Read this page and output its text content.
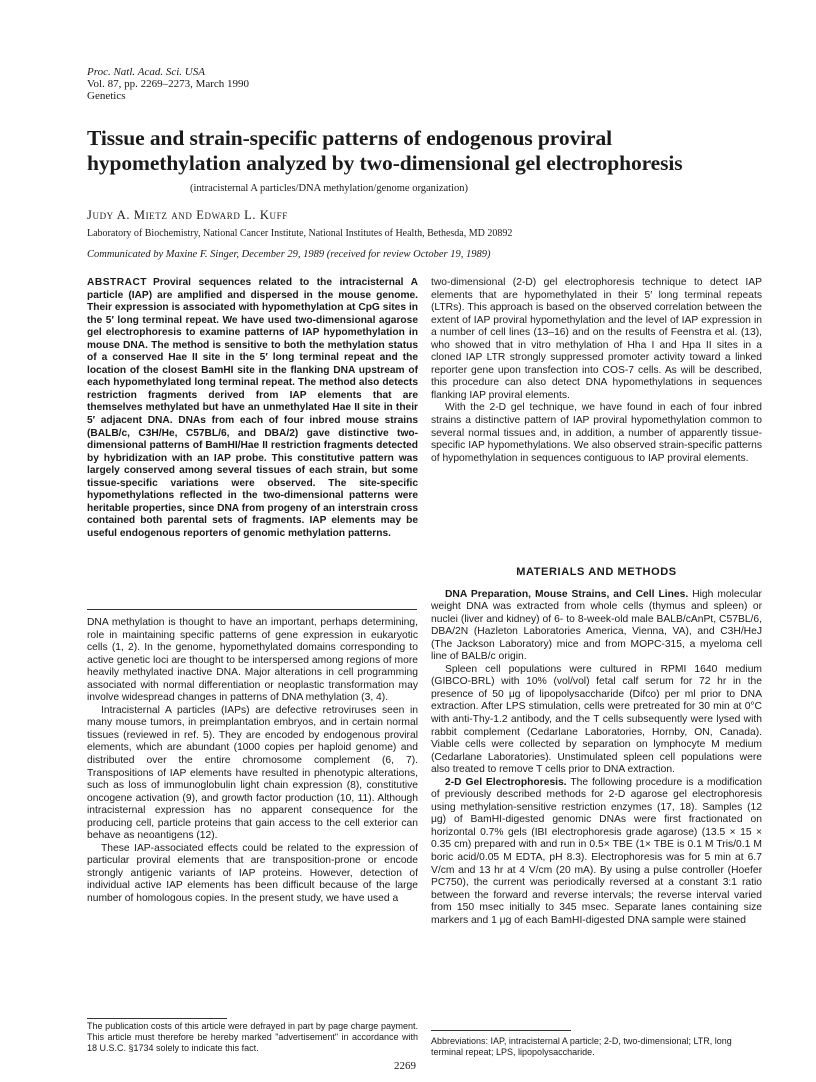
Proc. Natl. Acad. Sci. USA
Vol. 87, pp. 2269–2273, March 1990
Genetics
Tissue and strain-specific patterns of endogenous proviral
hypomethylation analyzed by two-dimensional gel electrophoresis
(intracisternal A particles/DNA methylation/genome organization)
Judy A. Mietz and Edward L. Kuff
Laboratory of Biochemistry, National Cancer Institute, National Institutes of Health, Bethesda, MD 20892
Communicated by Maxine F. Singer, December 29, 1989 (received for review October 19, 1989)
ABSTRACT Proviral sequences related to the intracisternal A particle (IAP) are amplified and dispersed in the mouse genome. Their expression is associated with hypomethylation at CpG sites in the 5′ long terminal repeat. We have used two-dimensional agarose gel electrophoresis to examine patterns of IAP hypomethylation in mouse DNA. The method is sensitive to both the methylation status of a conserved Hae II site in the 5′ long terminal repeat and the location of the closest BamHI site in the flanking DNA upstream of each hypomethylated long terminal repeat. The method also detects restriction fragments derived from IAP elements that are themselves methylated but have an unmethylated Hae II site in their 5′ adjacent DNA. DNAs from each of four inbred mouse strains (BALB/c, C3H/He, C57BL/6, and DBA/2) gave distinctive two-dimensional patterns of BamHI/Hae II restriction fragments detected by hybridization with an IAP probe. This constitutive pattern was largely conserved among several tissues of each strain, but some tissue-specific variations were observed. The site-specific hypomethylations reflected in the two-dimensional patterns were heritable properties, since DNA from progeny of an interstrain cross contained both parental sets of fragments. IAP elements may be useful endogenous reporters of genomic methylation patterns.

DNA methylation is thought to have an important, perhaps determining, role in maintaining specific patterns of gene expression in eukaryotic cells (1, 2). In the genome, hypomethylated domains corresponding to active genetic loci are thought to be interspersed among regions of more heavily methylated inactive DNA. Major alterations in cell programming associated with normal differentiation or neoplastic transformation may involve widespread changes in patterns of DNA methylation (3, 4).

Intracisternal A particles (IAPs) are defective retroviruses seen in many mouse tumors, in preimplantation embryos, and in certain normal tissues (reviewed in ref. 5). They are encoded by endogenous proviral elements, which are abundant (1000 copies per haploid genome) and distributed over the entire chromosome complement (6, 7). Transpositions of IAP elements have resulted in phenotypic alterations, such as loss of immunoglobulin light chain expression (8), constitutive oncogene activation (9), and growth factor production (10, 11). Although intracisternal expression has no apparent consequence for the producing cell, particle proteins that gain access to the cell exterior can behave as neoantigens (12).

These IAP-associated effects could be related to the expression of particular proviral elements that are transposition-prone or encode strongly antigenic variants of IAP proteins. However, detection of individual active IAP elements has been difficult because of the large number of homologous copies. In the present study, we have used a

two-dimensional (2-D) gel electrophoresis technique to detect IAP elements that are hypomethylated in their 5′ long terminal repeats (LTRs). This approach is based on the observed correlation between the extent of IAP proviral hypomethylation and the level of IAP expression in a number of cell lines (13–16) and on the results of Feenstra et al. (13), who showed that in vitro methylation of Hha I and Hpa II sites in a cloned IAP LTR strongly suppressed promoter activity toward a linked reporter gene upon transfection into COS-7 cells. As will be described, this procedure can also detect DNA hypomethylations in sequences flanking IAP proviral elements.

With the 2-D gel technique, we have found in each of four inbred strains a distinctive pattern of IAP proviral hypomethylation common to several normal tissues and, in addition, a number of apparently tissue-specific IAP hypomethylations. We also observed strain-specific patterns of hypomethylation in sequences contiguous to IAP proviral elements.

MATERIALS AND METHODS

DNA Preparation, Mouse Strains, and Cell Lines. High molecular weight DNA was extracted from whole cells (thymus and spleen) or nuclei (liver and kidney) of 6- to 8-week-old male BALB/cAnPt, C57BL/6, DBA/2N (Hazleton Laboratories America, Vienna, VA), and C3H/HeJ (The Jackson Laboratory) mice and from MOPC-315, a myeloma cell line of BALB/c origin.

Spleen cell populations were cultured in RPMI 1640 medium (GIBCO-BRL) with 10% (vol/vol) fetal calf serum for 72 hr in the presence of 50 μg of lipopolysaccharide (Difco) per ml prior to DNA extraction. After LPS stimulation, cells were pretreated for 30 min at 0°C with anti-Thy-1.2 antibody, and the T cells subsequently were lysed with rabbit complement (Cedarlane Laboratories, Hornby, ON, Canada). Viable cells were collected by separation on lymphocyte M medium (Cedarlane Laboratories). Unstimulated spleen cell populations were also treated to remove T cells prior to DNA extraction.

2-D Gel Electrophoresis. The following procedure is a modification of previously described methods for 2-D agarose gel electrophoresis using methylation-sensitive restriction enzymes (17, 18). Samples (12 μg) of BamHI-digested genomic DNAs were first fractionated on horizontal 0.7% gels (IBI electrophoresis grade agarose) (13.5 × 15 × 0.35 cm) prepared with and run in 0.5× TBE (1× TBE is 0.1 M Tris/0.1 M boric acid/0.05 M EDTA, pH 8.3). Electrophoresis was for 5 min at 6.7 V/cm and 13 hr at 4 V/cm (20 mA). By using a pulse controller (Hoefer PC750), the current was periodically reversed at a constant 3:1 ratio between the forward and reverse intervals; the reverse interval varied from 150 msec initially to 345 msec. Separate lanes containing size markers and 1 μg of each BamHI-digested DNA sample were stained

The publication costs of this article were defrayed in part by page charge payment. This article must therefore be hereby marked "advertisement" in accordance with 18 U.S.C. §1734 solely to indicate this fact.
Abbreviations: IAP, intracisternal A particle; 2-D, two-dimensional; LTR, long terminal repeat; LPS, lipopolysaccharide.
2269
